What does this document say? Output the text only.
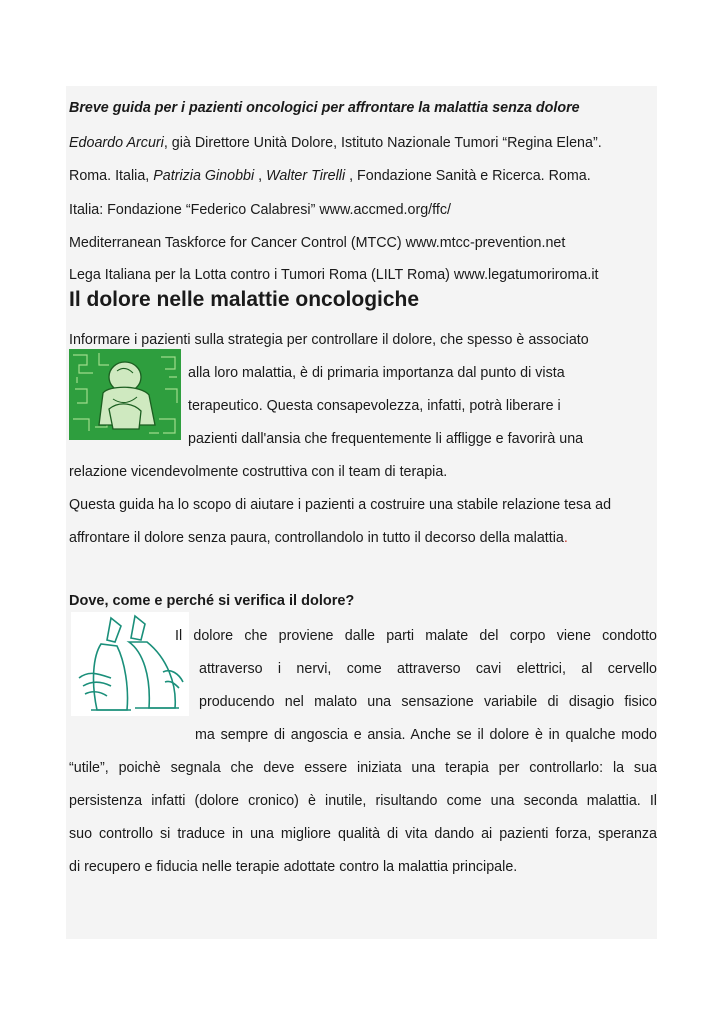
Breve guida per i pazienti oncologici per affrontare la malattia senza dolore
Edoardo Arcuri, già Direttore Unità Dolore, Istituto Nazionale Tumori “Regina Elena”.
Roma. Italia, Patrizia Ginobbi , Walter Tirelli , Fondazione Sanità e Ricerca. Roma.
Italia: Fondazione “Federico Calabresi” www.accmed.org/ffc/
Mediterranean Taskforce for Cancer Control (MTCC) www.mtcc-prevention.net
Lega Italiana per la Lotta contro i Tumori Roma (LILT Roma) www.legatumoriroma.it
Il dolore nelle malattie oncologiche
Informare i pazienti sulla strategia per controllare il dolore, che spesso è associato
alla loro malattia, è di primaria importanza dal punto di vista
terapeutico. Questa consapevolezza, infatti, potrà liberare i
pazienti dall'ansia che frequentemente li affligge e favorirà una
relazione vicendevolmente costruttiva con il team di terapia.
Questa guida ha lo scopo di aiutare i pazienti a costruire una stabile relazione tesa ad
affrontare il dolore senza paura, controllandolo in tutto il decorso della malattia.
Dove, come e perché si verifica il dolore?
Il dolore che proviene dalle parti malate del corpo viene condotto
attraverso i nervi, come attraverso cavi elettrici, al cervello
producendo nel malato una sensazione variabile di disagio fisico
ma sempre di angoscia e ansia. Anche se il dolore è in qualche modo
“utile”, poichè segnala che deve essere iniziata una terapia per controllarlo: la sua
persistenza infatti (dolore cronico) è inutile, risultando come una seconda malattia. Il
suo controllo si traduce in una migliore qualità di vita dando ai pazienti forza, speranza
di recupero e fiducia nelle terapie adottate contro la malattia principale.
